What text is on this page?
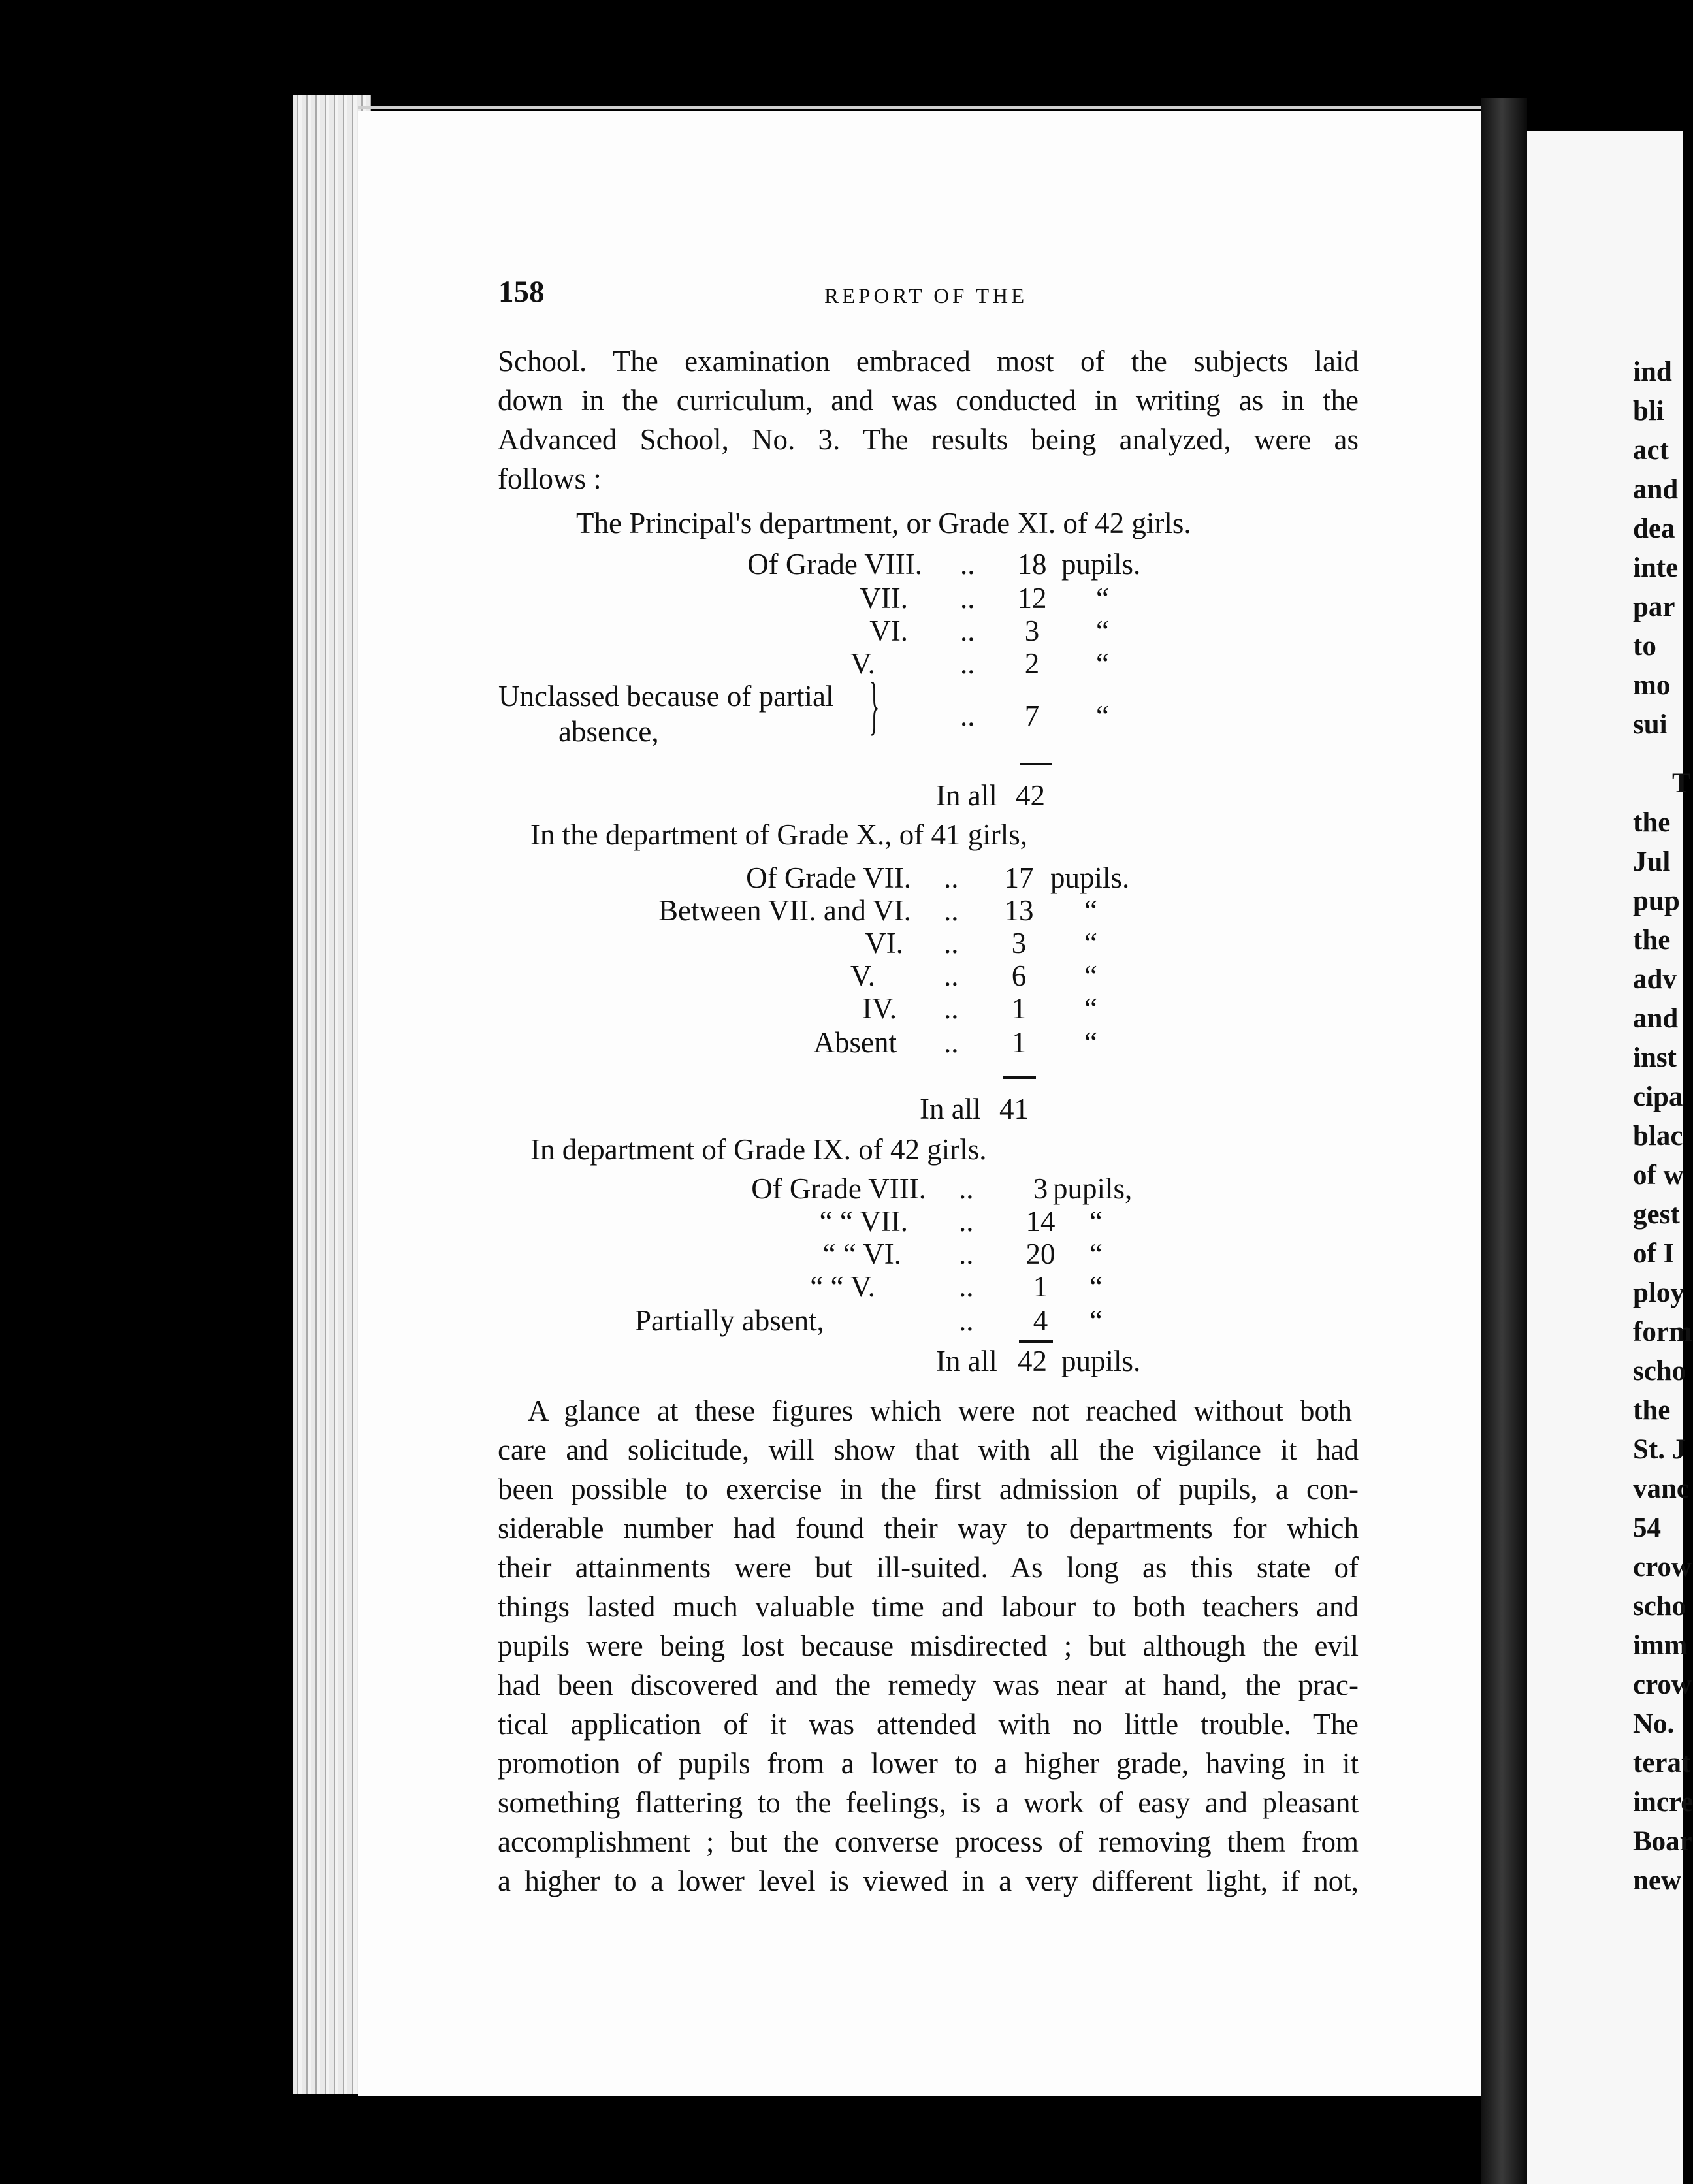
158	REPORT OF THE
School. The examination embraced most of the subjects laid
down in the curriculum, and was conducted in writing as in the
Advanced School, No. 3. The results being analyzed, were as
follows :
The Principal's department, or Grade XI. of 42 girls.
Of Grade VIII. ..	18 pupils.
VII. ..	12	“
VI. ..	3	“
V.	..	2	“
Unclassed because of partial
absence,	}	..	7	“
In all 42
In the department of Grade X., of 41 girls,
Of Grade VII. ..	17 pupils.
Between VII. and VI. ..	13	“
VI. ..	3	“
V. ..	6	“
IV. ..	1	“
Absent ..	1	“
In all 41
In department of Grade IX. of 42 girls.
Of Grade VIII. ..	3 pupils,
“ “ VII. ..	14	“
“ “ VI. ..	20	“
“ “ V.	..	1	“
Partially absent,	..	4	“
In all 42 pupils.
A glance at these figures which were not reached without both
care and solicitude, will show that with all the vigilance it had
been possible to exercise in the first admission of pupils, a con-
siderable number had found their way to departments for which
their attainments were but ill-suited. As long as this state of
things lasted much valuable time and labour to both teachers and
pupils were being lost because misdirected ; but although the evil
had been discovered and the remedy was near at hand, the prac-
tical application of it was attended with no little trouble. The
promotion of pupils from a lower to a higher grade, having in it
something flattering to the feelings, is a work of easy and pleasant
accomplishment ; but the converse process of removing them from
a higher to a lower level is viewed in a very different light, if not,
ind
bli
act
and
dea
inte
par
to
mo
sui
T
the
Jul
pup
the
adv
and
inst
cipa
blac
of w
gest
of I
ploy
form
scho
the
St. J
vanc
54
crow
scho
imm
crow
No.
terat
incre
Boar
new
